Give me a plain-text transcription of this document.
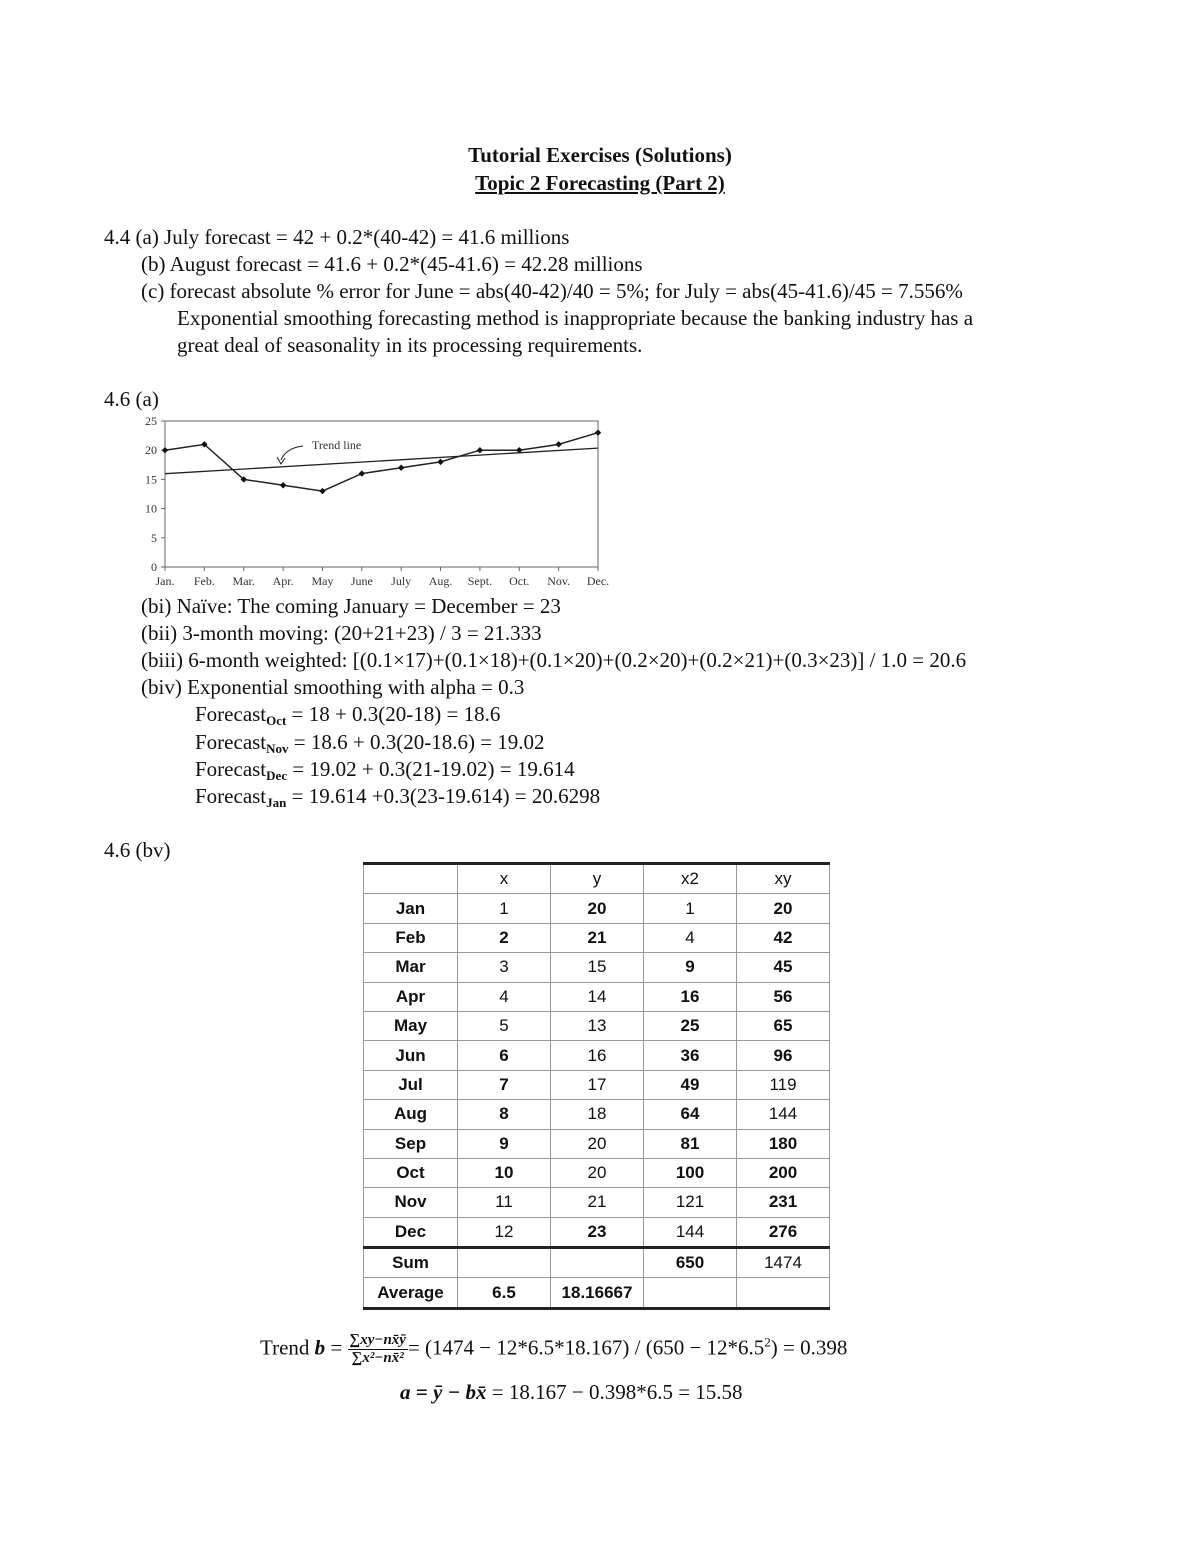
Tutorial Exercises (Solutions)
Topic 2 Forecasting (Part 2)
4.4 (a) July forecast = 42 + 0.2*(40-42) = 41.6 millions
(b) August forecast = 41.6 + 0.2*(45-41.6) = 42.28 millions
(c) forecast absolute % error for June = abs(40-42)/40 = 5%; for July = abs(45-41.6)/45 = 7.556%
Exponential smoothing forecasting method is inappropriate because the banking industry has a
great deal of seasonality in its processing requirements.
4.6 (a)
0
5
10
15
20
25
Jan. Feb. Mar. Apr. May June July Aug. Sept. Oct. Nov. Dec.
Trend line
(bi) Naïve: The coming January = December = 23
(bii) 3-month moving: (20+21+23) / 3 = 21.333
(biii) 6-month weighted: [(0.1×17)+(0.1×18)+(0.1×20)+(0.2×20)+(0.2×21)+(0.3×23)] / 1.0 = 20.6
(biv) Exponential smoothing with alpha = 0.3
Forecast$_{Oct}$ = 18 + 0.3(20-18) = 18.6
Forecast$_{Nov}$ = 18.6 + 0.3(20-18.6) = 19.02
Forecast$_{Dec}$ = 19.02 + 0.3(21-19.02) = 19.614
Forecast$_{Jan}$ = 19.614 +0.3(23-19.614) = 20.6298
4.6 (bv)
	x	y	x2	xy
Jan	1	20	1	20
Feb	2	21	4	42
Mar	3	15	9	45
Apr	4	14	16	56
May	5	13	25	65
Jun	6	16	36	96
Jul	7	17	49	119
Aug	8	18	64	144
Sep	9	20	81	180
Oct	10	20	100	200
Nov	11	21	121	231
Dec	12	23	144	276
Sum			650	1474
Average	6.5	18.16667		
Trend $b = \frac{\sum xy-nx̄ȳ}{\text{∑x²−nx̄²}} = (1474 - 12*6.5*18.167) / (650 - 12*6.5^2) = 0.398$
a = ȳ − bx̄ = 18.167 − 0.398*6.5 = 15.58
